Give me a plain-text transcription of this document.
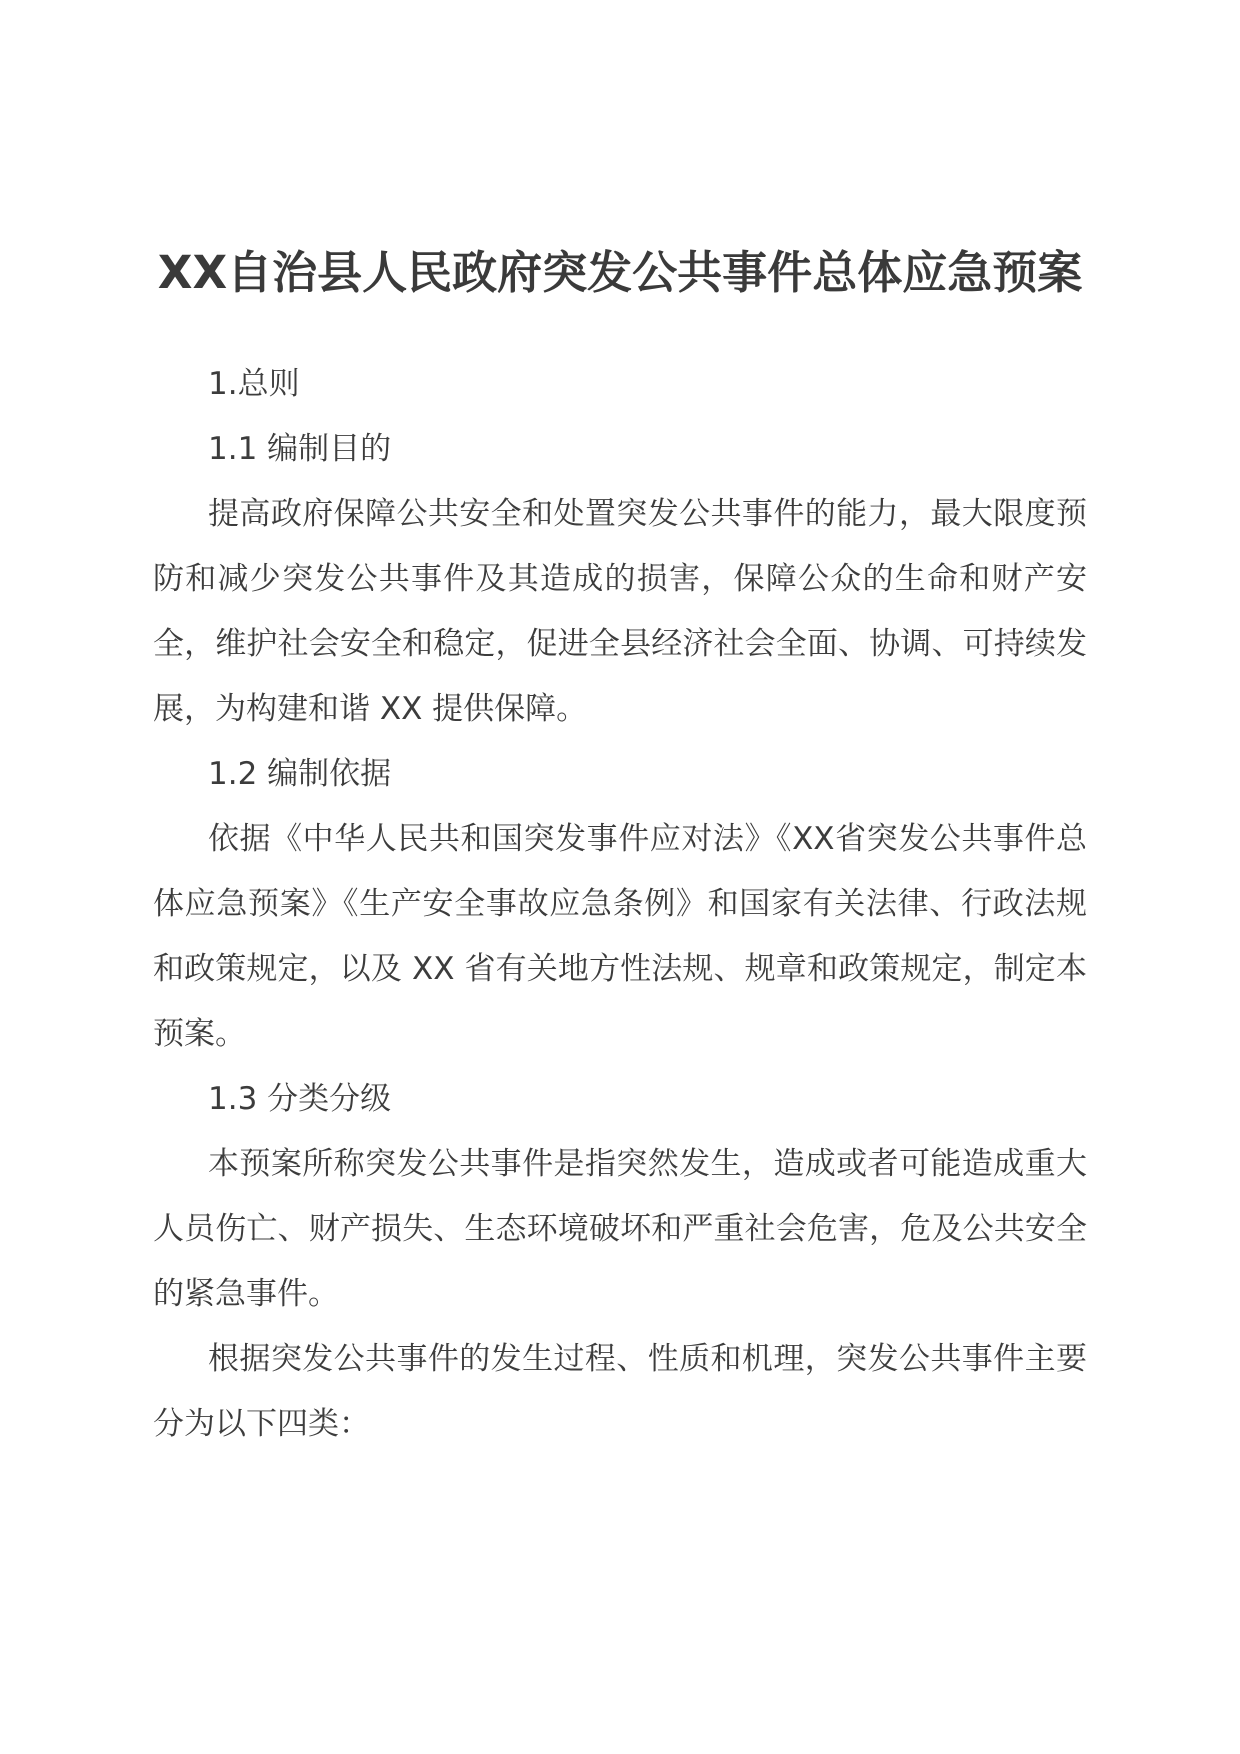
XX自治县人民政府突发公共事件总体应急预案

1.总则

1.1 编制目的

提高政府保障公共安全和处置突发公共事件的能力，最大限度预防和减少突发公共事件及其造成的损害，保障公众的生命和财产安全，维护社会安全和稳定，促进全县经济社会全面、协调、可持续发展，为构建和谐 XX 提供保障。

1.2 编制依据

依据《中华人民共和国突发事件应对法》《XX省突发公共事件总体应急预案》《生产安全事故应急条例》和国家有关法律、行政法规和政策规定，以及 XX 省有关地方性法规、规章和政策规定，制定本预案。

1.3 分类分级

本预案所称突发公共事件是指突然发生，造成或者可能造成重大人员伤亡、财产损失、生态环境破坏和严重社会危害，危及公共安全的紧急事件。

根据突发公共事件的发生过程、性质和机理，突发公共事件主要分为以下四类：
